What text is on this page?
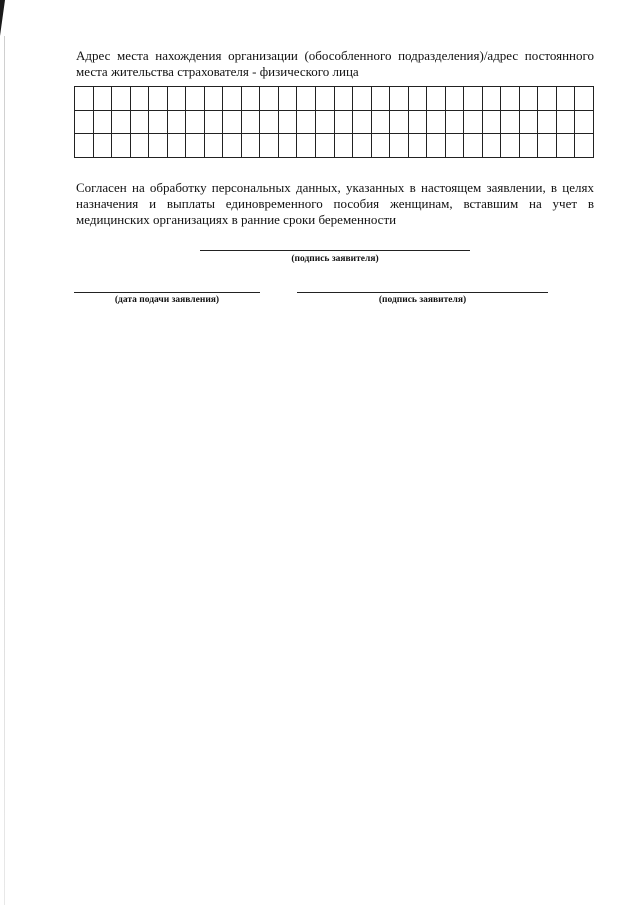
Адрес места нахождения организации (обособленного подразделения)/адрес постоянного места жительства страхователя - физического лица

Согласен на обработку персональных данных, указанных в настоящем заявлении, в целях назначения и выплаты единовременного пособия женщинам, вставшим на учет в медицинских организациях в ранние сроки беременности

(подпись заявителя)
(дата подачи заявления)	(подпись заявителя)
